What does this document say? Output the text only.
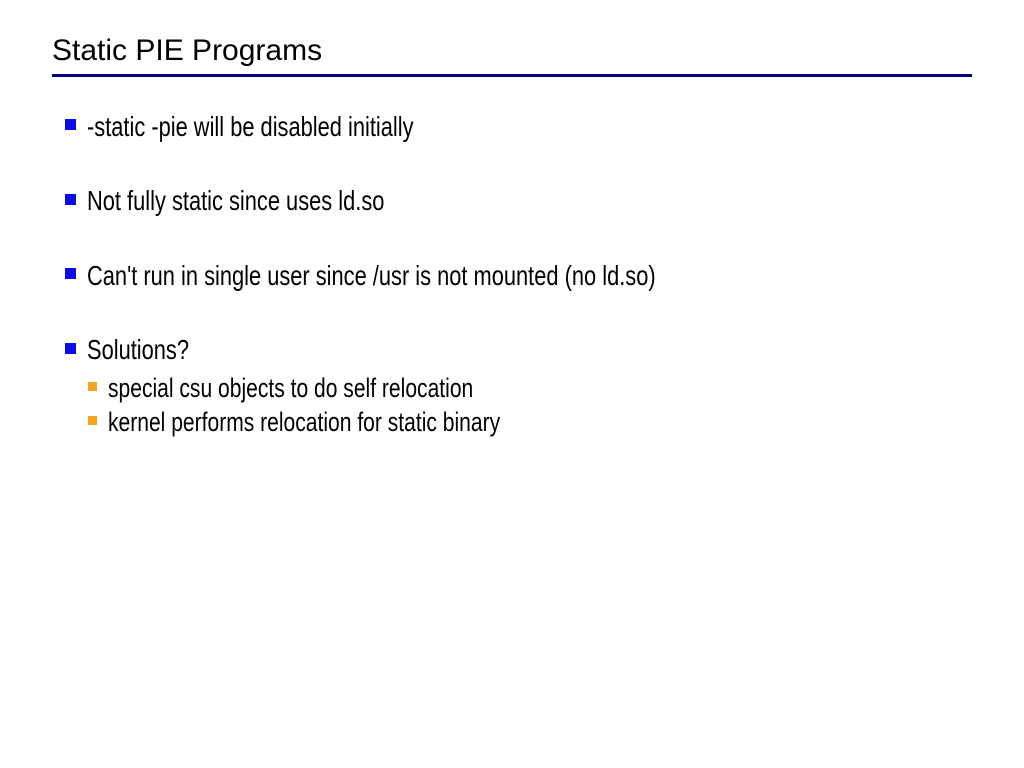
Static PIE Programs
-static -pie will be disabled initially
Not fully static since uses ld.so
Can't run in single user since /usr is not mounted (no ld.so)
Solutions?
special csu objects to do self relocation
kernel performs relocation for static binary
